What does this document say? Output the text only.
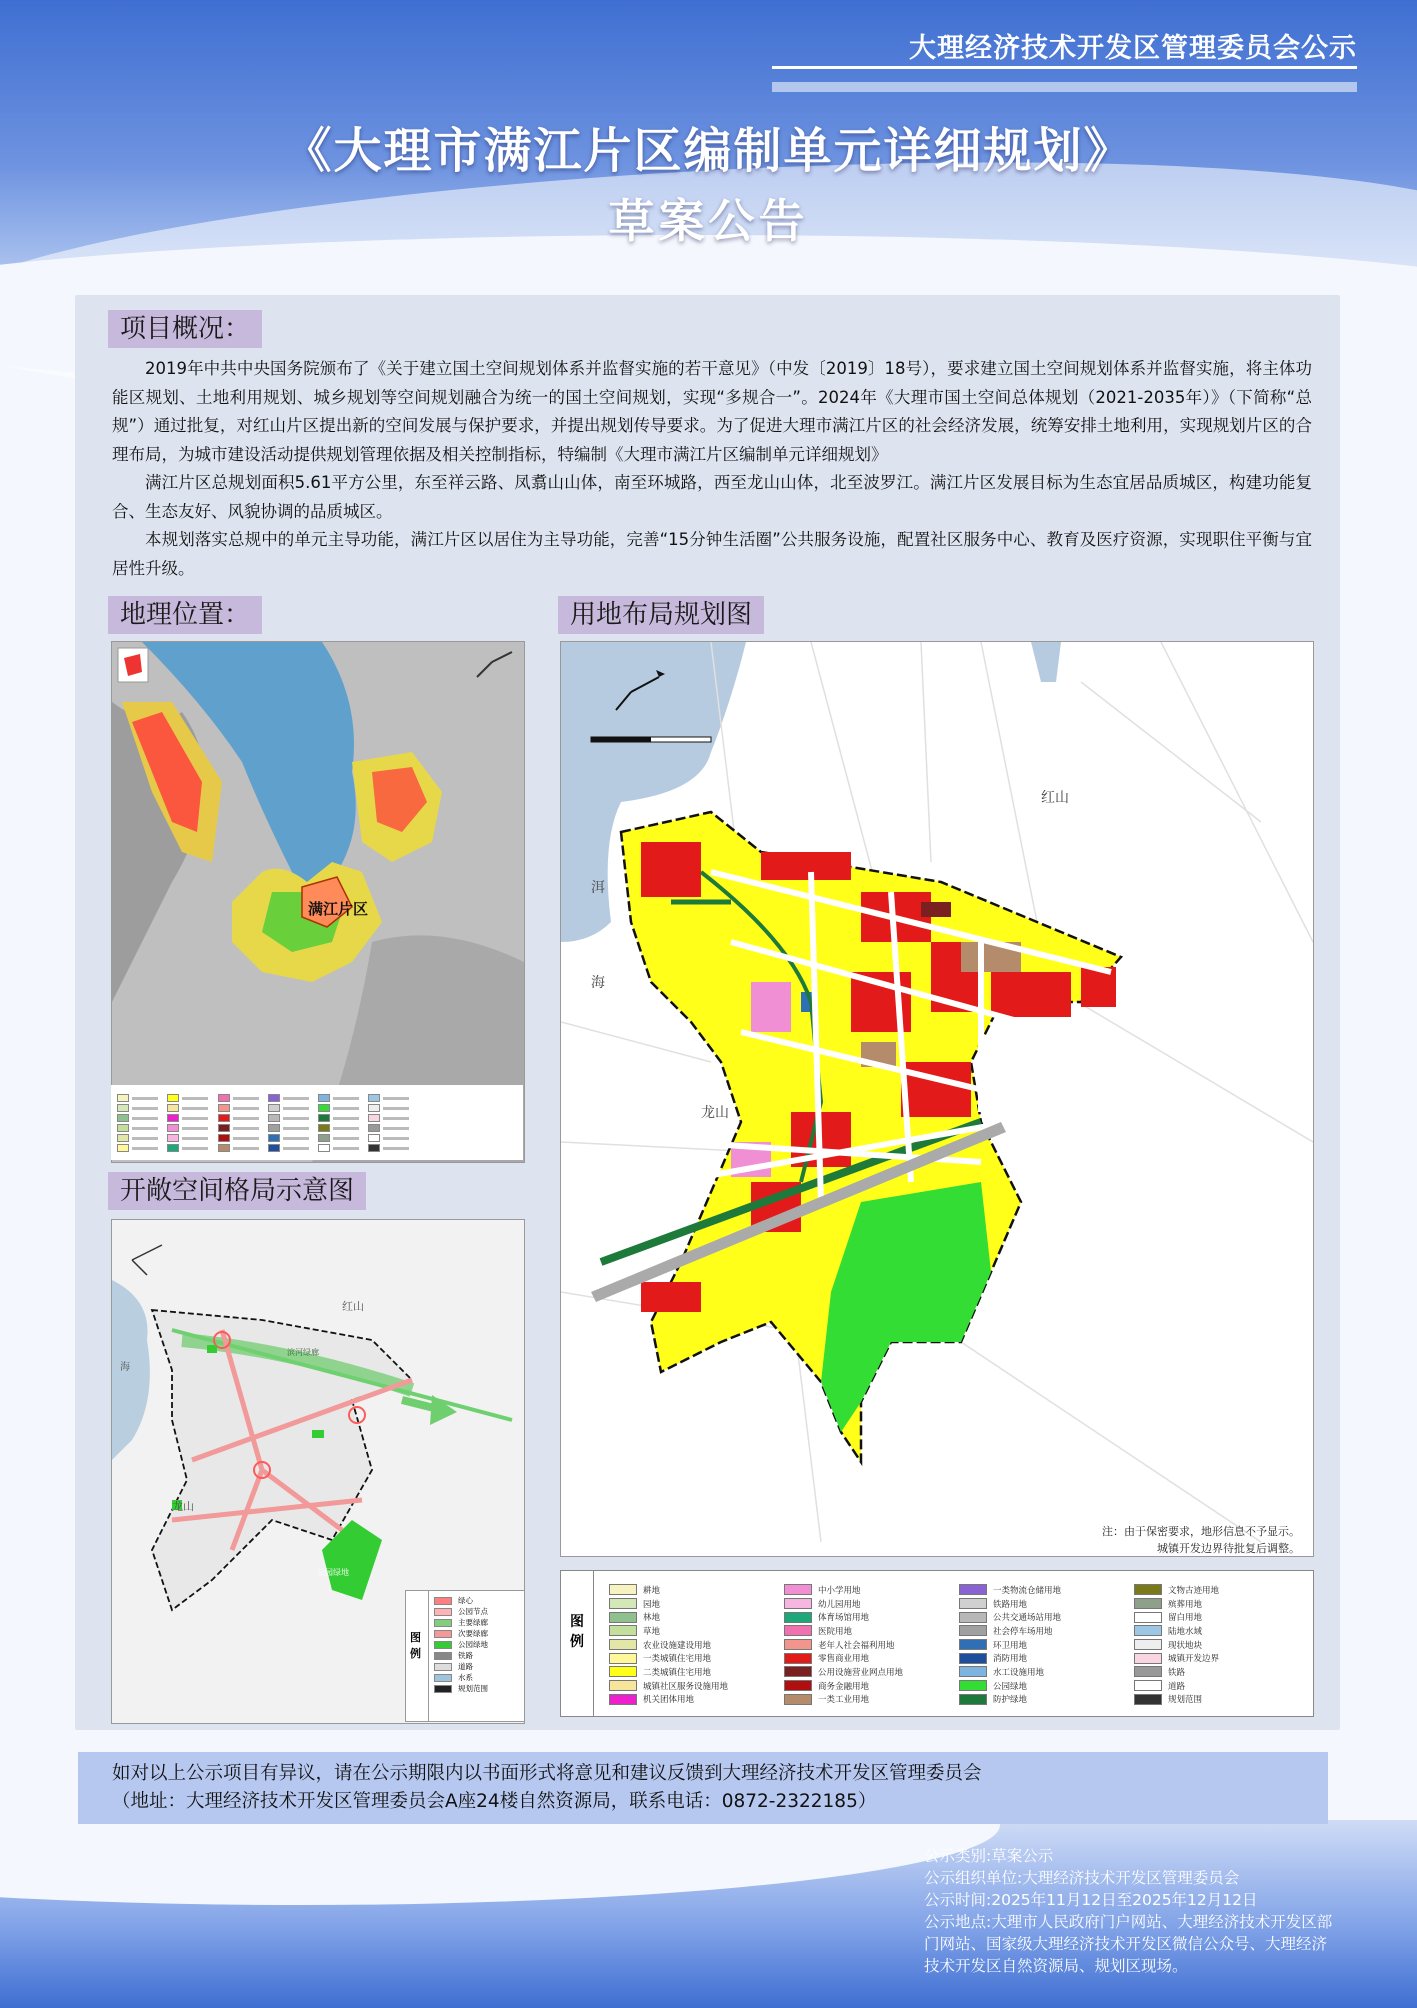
大理经济技术开发区管理委员会公示
《大理市满江片区编制单元详细规划》
草案公告
项目概况：

2019年中共中央国务院颁布了《关于建立国土空间规划体系并监督实施的若干意见》（中发〔2019〕18号），要求建立国土空间规划体系并监督实施，将主体功能区规划、土地利用规划、城乡规划等空间规划融合为统一的国土空间规划，实现“多规合一”。2024年《大理市国土空间总体规划（2021-2035年）》（下简称“总规”）通过批复，对红山片区提出新的空间发展与保护要求，并提出规划传导要求。为了促进大理市满江片区的社会经济发展，统筹安排土地利用，实现规划片区的合理布局，为城市建设活动提供规划管理依据及相关控制指标，特编制《大理市满江片区编制单元详细规划》

满江片区总规划面积5.61平方公里，东至祥云路、凤翥山山体，南至环城路，西至龙山山体，北至波罗江。满江片区发展目标为生态宜居品质城区，构建功能复合、生态友好、风貌协调的品质城区。

本规划落实总规中的单元主导功能，满江片区以居住为主导功能，完善“15分钟生活圈”公共服务设施，配置社区服务中心、教育及医疗资源，实现职住平衡与宜居性升级。

地理位置：
满江片区
开敞空间格局示意图
红山
龙山
海
滨河绿廊
公园绿地
图例
绿心
公园节点
主要绿廊
次要绿廊
公园绿地
铁路
道路
水系
规划范围
用地布局规划图
红山
龙山
洱
海
注：由于保密要求，地形信息不予显示。
城镇开发边界待批复后调整。
图例
耕地
园地
林地
草地
农业设施建设用地
一类城镇住宅用地
二类城镇住宅用地
城镇社区服务设施用地
机关团体用地
中小学用地
幼儿园用地
体育场馆用地
医院用地
老年人社会福利用地
零售商业用地
公用设施营业网点用地
商务金融用地
一类工业用地
一类物流仓储用地
铁路用地
公共交通场站用地
社会停车场用地
环卫用地
消防用地
水工设施用地
公园绿地
防护绿地
文物古迹用地
殡葬用地
留白用地
陆地水域
现状地块
城镇开发边界
铁路
道路
规划范围

如对以上公示项目有异议，请在公示期限内以书面形式将意见和建议反馈到大理经济技术开发区管理委员会

（地址：大理经济技术开发区管理委员会A座24楼自然资源局，联系电话：0872-2322185）

公示类别:草案公示

公示组织单位:大理经济技术开发区管理委员会

公示时间:2025年11月12日至2025年12月12日

公示地点:大理市人民政府门户网站、大理经济技术开发区部门网站、国家级大理经济技术开发区微信公众号、大理经济技术开发区自然资源局、规划区现场。
